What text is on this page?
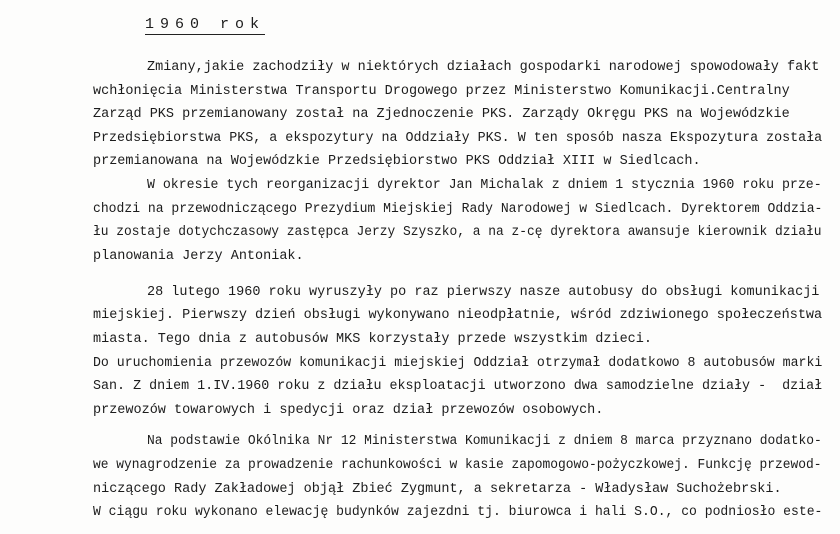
1960 rok
Zmiany,jakie zachodziły w niektórych działach gospodarki narodowej spowodowały fakt
wchłonięcia Ministerstwa Transportu Drogowego przez Ministerstwo Komunikacji.Centralny
Zarząd PKS przemianowany został na Zjednoczenie PKS. Zarządy Okręgu PKS na Wojewódzkie
Przedsiębiorstwa PKS, a ekspozytury na Oddziały PKS. W ten sposób nasza Ekspozytura została
przemianowana na Wojewódzkie Przedsiębiorstwo PKS Oddział XIII w Siedlcach.
W okresie tych reorganizacji dyrektor Jan Michalak z dniem 1 stycznia 1960 roku prze-
chodzi na przewodniczącego Prezydium Miejskiej Rady Narodowej w Siedlcach. Dyrektorem Oddzia-
łu zostaje dotychczasowy zastępca Jerzy Szyszko, a na z-cę dyrektora awansuje kierownik działu
planowania Jerzy Antoniak.
28 lutego 1960 roku wyruszyły po raz pierwszy nasze autobusy do obsługi komunikacji
miejskiej. Pierwszy dzień obsługi wykonywano nieodpłatnie, wśród zdziwionego społeczeństwa
miasta. Tego dnia z autobusów MKS korzystały przede wszystkim dzieci.
Do uruchomienia przewozów komunikacji miejskiej Oddział otrzymał dodatkowo 8 autobusów marki
San. Z dniem 1.IV.1960 roku z działu eksploatacji utworzono dwa samodzielne działy -  dział
przewozów towarowych i spedycji oraz dział przewozów osobowych.
Na podstawie Okólnika Nr 12 Ministerstwa Komunikacji z dniem 8 marca przyznano dodatko-
we wynagrodzenie za prowadzenie rachunkowości w kasie zapomogowo-pożyczkowej. Funkcję przewod-
niczącego Rady Zakładowej objął Zbieć Zygmunt, a sekretarza - Władysław Suchożebrski.
W ciągu roku wykonano elewację budynków zajezdni tj. biurowca i hali S.O., co podniosło este-
